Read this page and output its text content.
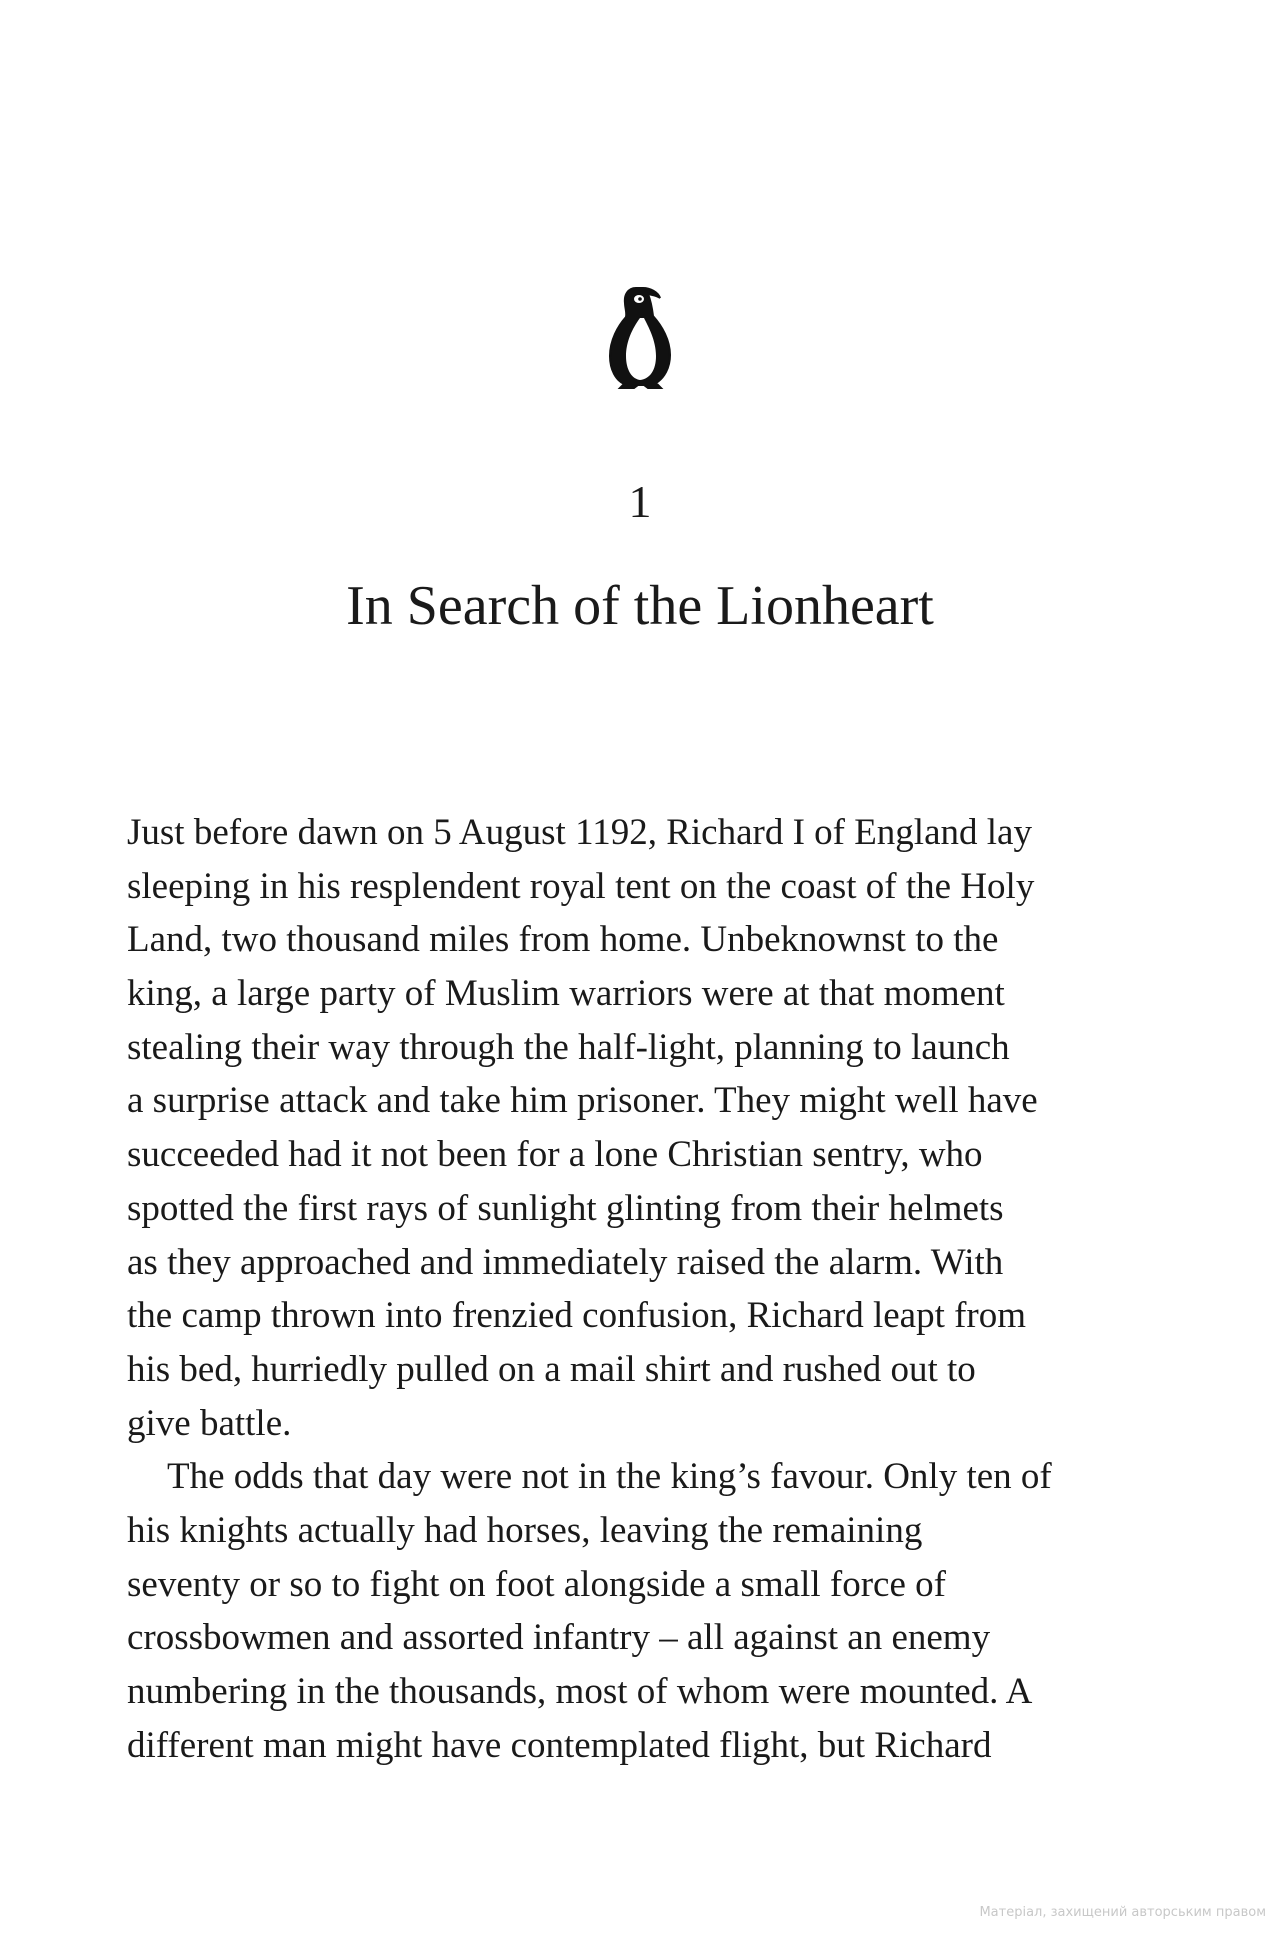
1
In Search of the Lionheart
Just before dawn on 5 August 1192, Richard I of England lay
sleeping in his resplendent royal tent on the coast of the Holy
Land, two thousand miles from home. Unbeknownst to the
king, a large party of Muslim warriors were at that moment
stealing their way through the half-light, planning to launch
a surprise attack and take him prisoner. They might well have
succeeded had it not been for a lone Christian sentry, who
spotted the first rays of sunlight glinting from their helmets
as they approached and immediately raised the alarm. With
the camp thrown into frenzied confusion, Richard leapt from
his bed, hurriedly pulled on a mail shirt and rushed out to
give battle.
The odds that day were not in the king’s favour. Only ten of
his knights actually had horses, leaving the remaining
seventy or so to fight on foot alongside a small force of
crossbowmen and assorted infantry – all against an enemy
numbering in the thousands, most of whom were mounted. A
different man might have contemplated flight, but Richard
Матеріал, захищений авторським правом
